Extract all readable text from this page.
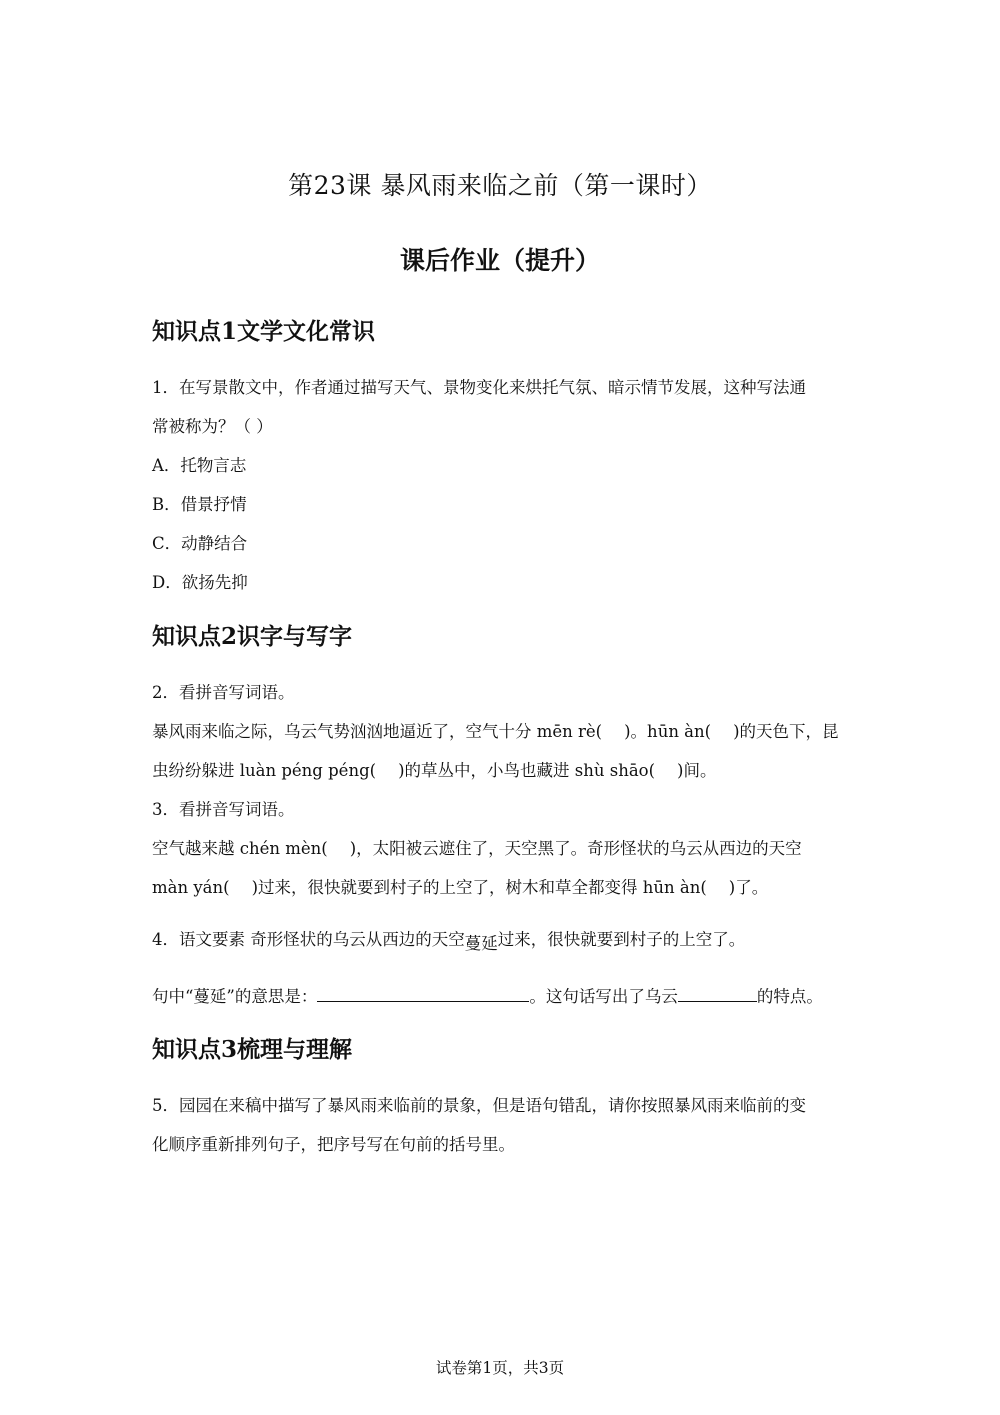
第23课 暴风雨来临之前（第一课时）
课后作业（提升）
知识点1文学文化常识
1．在写景散文中，作者通过描写天气、景物变化来烘托气氛、暗示情节发展，这种写法通
常被称为？（ ）
A．托物言志
B．借景抒情
C．动静结合
D．欲扬先抑
知识点2识字与写字
2．看拼音写词语。
暴风雨来临之际，乌云气势汹汹地逼近了，空气十分 mēn rè( )。hūn àn( )的天色下，昆
虫纷纷躲进 luàn péng péng( )的草丛中，小鸟也藏进 shù shāo( )间。
3．看拼音写词语。
空气越来越 chén mèn( )，太阳被云遮住了，天空黑了。奇形怪状的乌云从西边的天空
màn yán( )过来，很快就要到村子的上空了，树木和草全都变得 hūn àn( )了。
4．语文要素 奇形怪状的乌云从西边的天空蔓延过来，很快就要到村子的上空了。
句中“蔓延”的意思是：	。这句话写出了乌云	的特点。
知识点3梳理与理解
5．园园在来稿中描写了暴风雨来临前的景象，但是语句错乱，请你按照暴风雨来临前的变
化顺序重新排列句子，把序号写在句前的括号里。
试卷第1页，共3页
